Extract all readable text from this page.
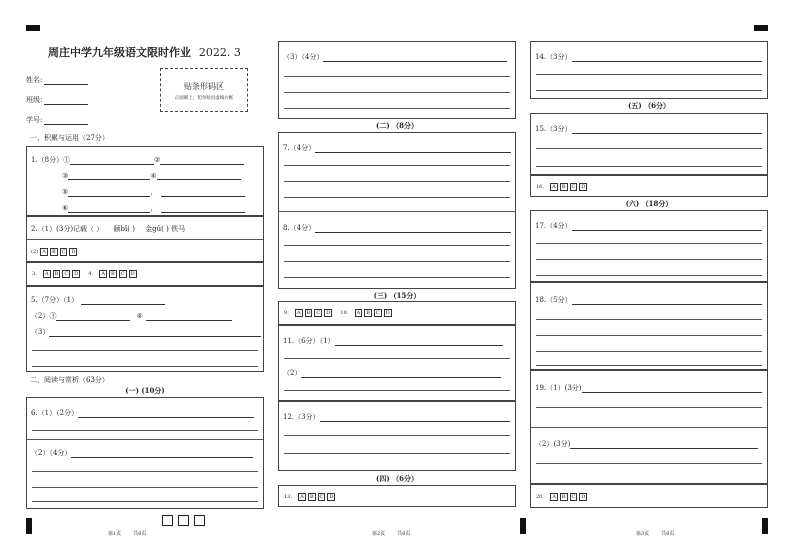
周庄中学九年级语文限时作业 2022. 3
姓名:
班级:
学号:
贴条形码区
正面朝上，切勿贴出虚线方框
一、积累与运用（27分）
1.（8分）①	②
③	④
⑤	，
⑥	，
2.（1）(3分)记载（ ） 颐bǐ( ) 金gǔ( ) 铁马
(2) A B C D
3. A B C D 4. A B C D
5.（7分）（1）
（2）③	④
（3）
二、阅读与赏析（63分）
(一) (10分)
6.（1）（2分）
（2）（4分）
第1页 共6页
（3）（4分）
(二) （8分）
7.（4分）
8.（4分）
(三) （15分）
9. A B C D 10. A B C D
11.（6分）（1）
（2）
12.（3分）
(四) （6分）
13. A B C D
第2页 共6页
14.（3分）
(五) （6分）
15.（3分）
16. A B C D
(六) （18分）
17.（4分）
18.（5分）
19.（1）(3分)
（2）(3分)
20. A B C D
第3页 共6页
